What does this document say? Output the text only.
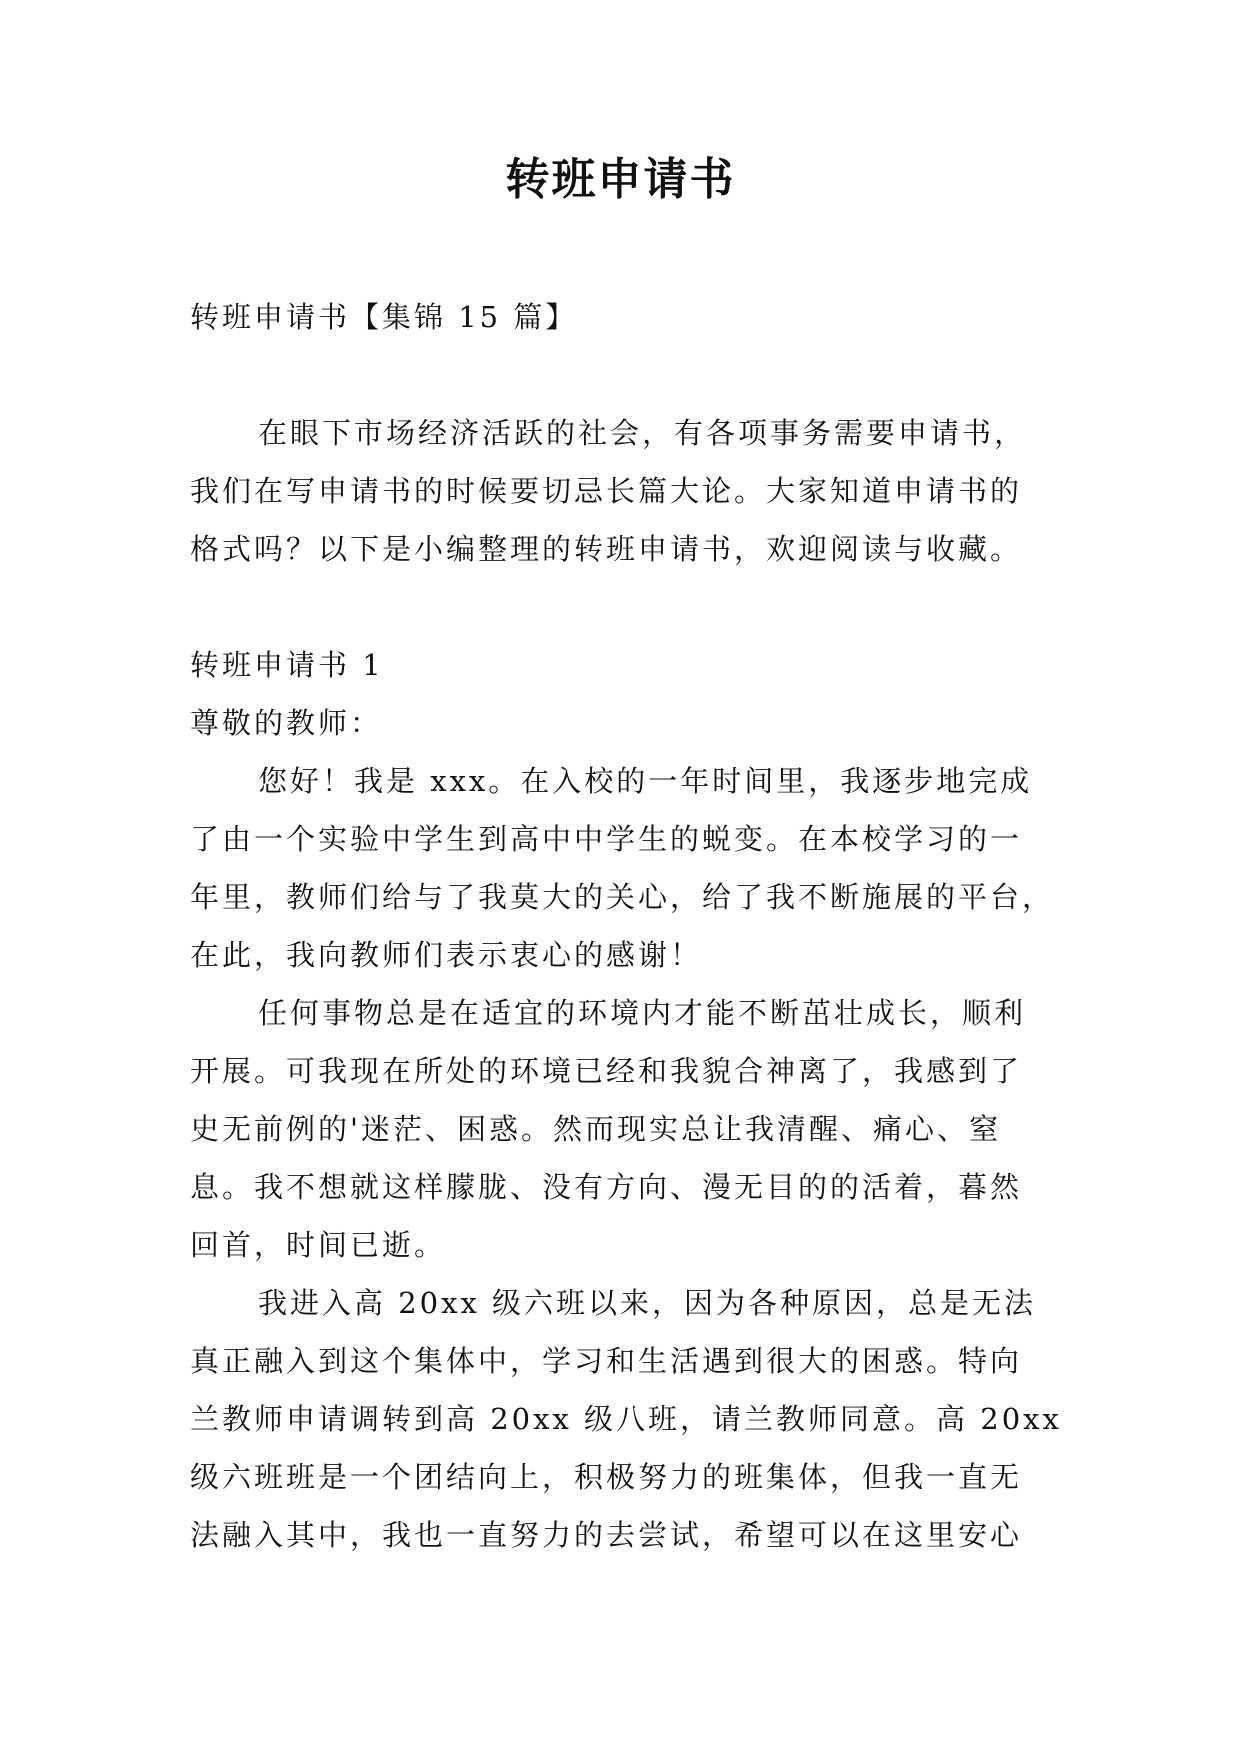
转班申请书
转班申请书【集锦 15 篇】
在眼下市场经济活跃的社会，有各项事务需要申请书，
我们在写申请书的时候要切忌长篇大论。大家知道申请书的
格式吗？以下是小编整理的转班申请书，欢迎阅读与收藏。
转班申请书 1
尊敬的教师：
您好！我是 xxx。在入校的一年时间里，我逐步地完成
了由一个实验中学生到高中中学生的蜕变。在本校学习的一
年里，教师们给与了我莫大的关心，给了我不断施展的平台，
在此，我向教师们表示衷心的感谢！
任何事物总是在适宜的环境内才能不断茁壮成长，顺利
开展。可我现在所处的环境已经和我貌合神离了，我感到了
史无前例的'迷茫、困惑。然而现实总让我清醒、痛心、窒
息。我不想就这样朦胧、没有方向、漫无目的的活着，暮然
回首，时间已逝。
我进入高 20xx 级六班以来，因为各种原因，总是无法
真正融入到这个集体中，学习和生活遇到很大的困惑。特向
兰教师申请调转到高 20xx 级八班，请兰教师同意。高 20xx
级六班班是一个团结向上，积极努力的班集体，但我一直无
法融入其中，我也一直努力的去尝试，希望可以在这里安心
